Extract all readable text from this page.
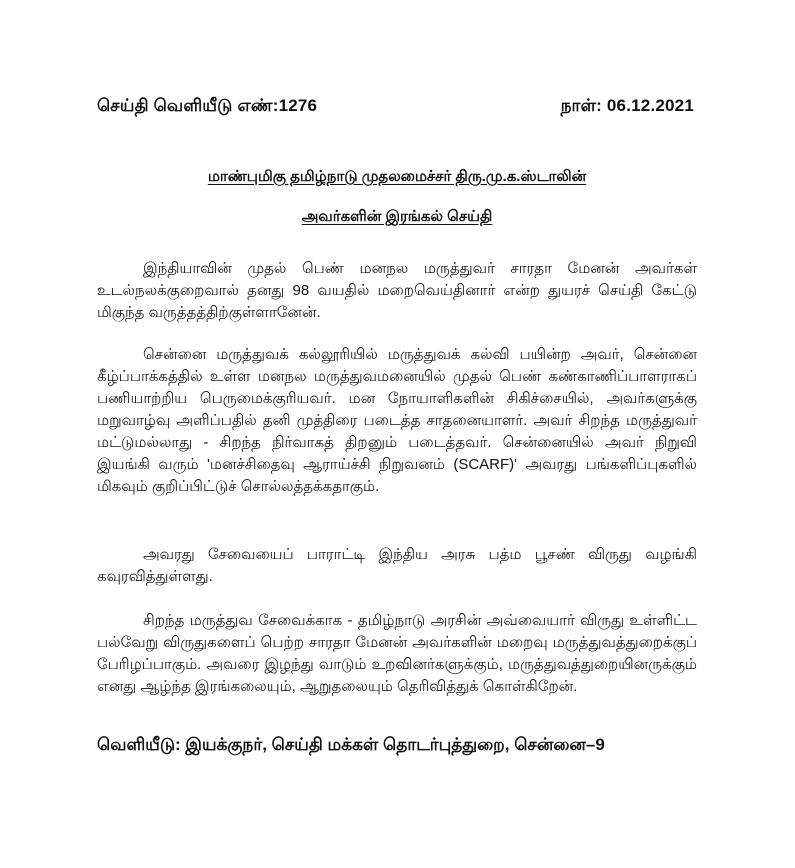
செய்தி வெளியீடு எண்:1276	நாள்: 06.12.2021
மாண்புமிகு தமிழ்நாடு முதலமைச்சர் திரு.மு.க.ஸ்டாலின்
அவர்களின் இரங்கல் செய்தி

இந்தியாவின் முதல் பெண் மனநல மருத்துவர் சாரதா மேனன் அவர்கள் உடல்நலக்குறைவால் தனது 98 வயதில் மறைவெய்தினார் என்ற துயரச் செய்தி கேட்டு மிகுந்த வருத்தத்திற்குள்ளானேன்.

சென்னை மருத்துவக் கல்லூரியில் மருத்துவக் கல்வி பயின்ற அவர், சென்னை கீழ்ப்பாக்கத்தில் உள்ள மனநல மருத்துவமனையில் முதல் பெண் கண்காணிப்பாளராகப் பணியாற்றிய பெருமைக்குரியவர். மன நோயாளிகளின் சிகிச்சையில், அவர்களுக்கு மறுவாழ்வு அளிப்பதில் தனி முத்திரை படைத்த சாதனையாளர். அவர் சிறந்த மருத்துவர் மட்டுமல்லாது - சிறந்த நிர்வாகத் திறனும் படைத்தவர். சென்னையில் அவர் நிறுவி இயங்கி வரும் 'மனச்சிதைவு ஆராய்ச்சி நிறுவனம் (SCARF)' அவரது பங்களிப்புகளில் மிகவும் குறிப்பிட்டுச் சொல்லத்தக்கதாகும்.

அவரது சேவையைப் பாராட்டி இந்திய அரசு பத்ம பூசண் விருது வழங்கி கவுரவித்துள்ளது.

சிறந்த மருத்துவ சேவைக்காக - தமிழ்நாடு அரசின் அவ்வையார் விருது உள்ளிட்ட பல்வேறு விருதுகளைப் பெற்ற சாரதா மேனன் அவர்களின் மறைவு மருத்துவத்துறைக்குப் பேரிழப்பாகும். அவரை இழந்து வாடும் உறவினர்களுக்கும், மருத்துவத்துறையினருக்கும் எனது ஆழ்ந்த இரங்கலையும், ஆறுதலையும் தெரிவித்துக் கொள்கிறேன்.

வெளியீடு: இயக்குநர், செய்தி மக்கள் தொடர்புத்துறை, சென்னை–9
